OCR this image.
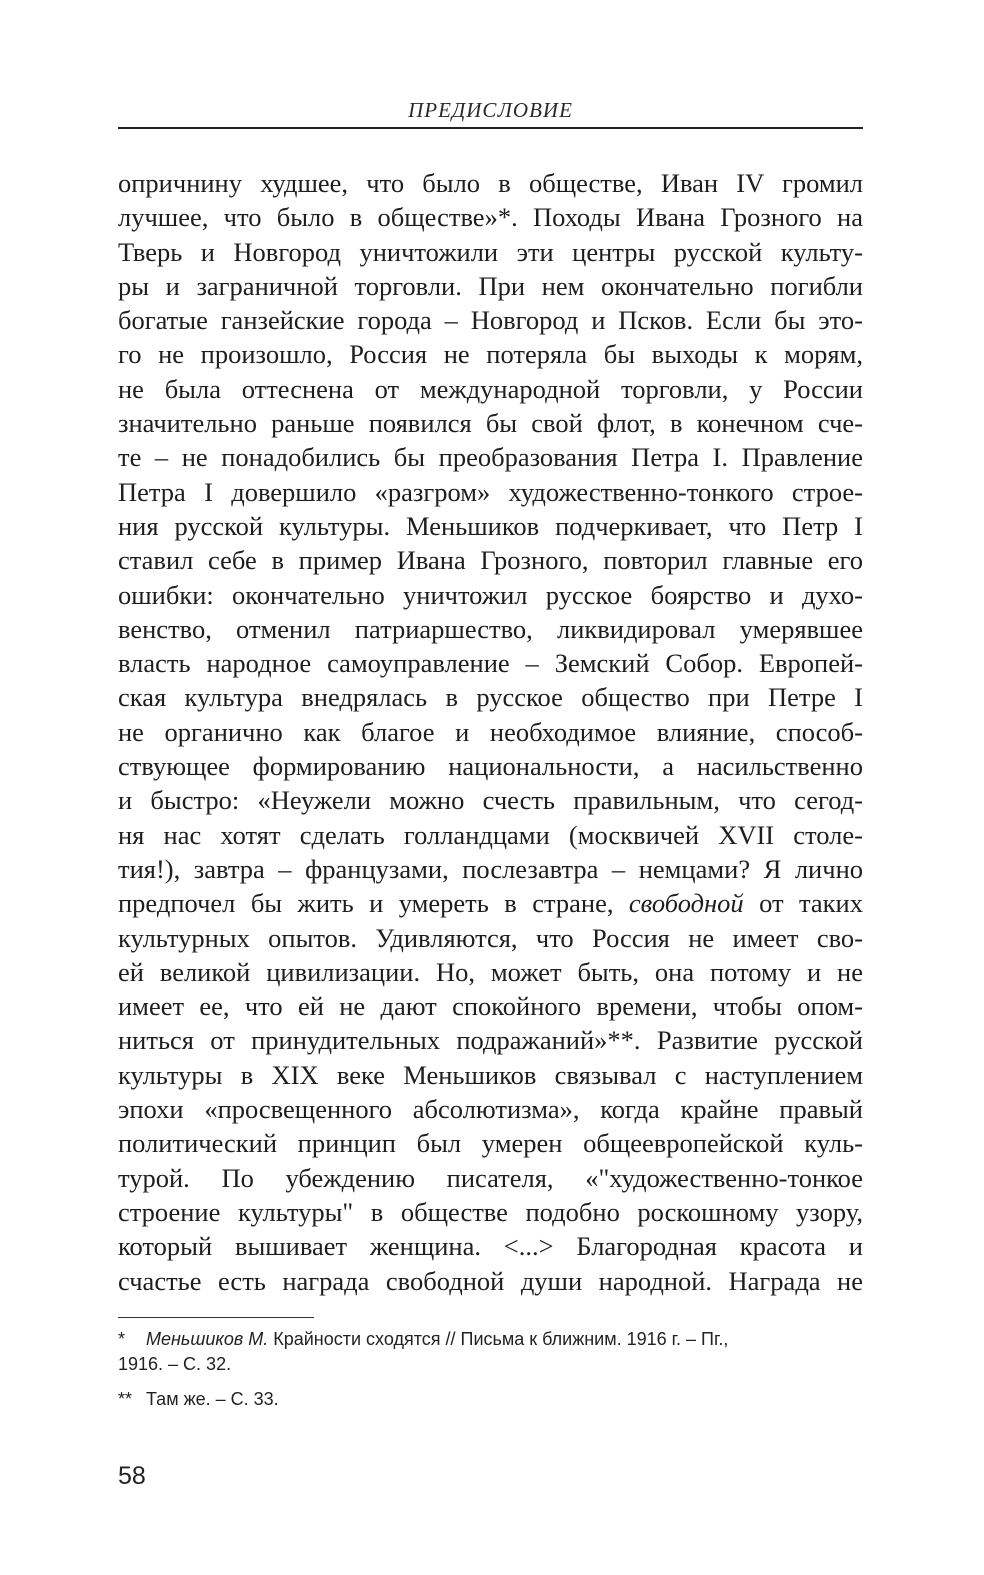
ПРЕДИСЛОВИЕ
опричнину худшее, что было в обществе, Иван IV громил
лучшее, что было в обществе»*. Походы Ивана Грозного на
Тверь и Новгород уничтожили эти центры русской культу-
ры и заграничной торговли. При нем окончательно погибли
богатые ганзейские города – Новгород и Псков. Если бы это-
го не произошло, Россия не потеряла бы выходы к морям,
не была оттеснена от международной торговли, у России
значительно раньше появился бы свой флот, в конечном сче-
те – не понадобились бы преобразования Петра I. Правление
Петра I довершило «разгром» художественно-тонкого строе-
ния русской культуры. Меньшиков подчеркивает, что Петр I
ставил себе в пример Ивана Грозного, повторил главные его
ошибки: окончательно уничтожил русское боярство и духо-
венство, отменил патриаршество, ликвидировал умерявшее
власть народное самоуправление – Земский Собор. Европей-
ская культура внедрялась в русское общество при Петре I
не органично как благое и необходимое влияние, способ-
ствующее формированию национальности, а насильственно
и быстро: «Неужели можно счесть правильным, что сегод-
ня нас хотят сделать голландцами (москвичей XVII столе-
тия!), завтра – французами, послезавтра – немцами? Я лично
предпочел бы жить и умереть в стране, свободной от таких
культурных опытов. Удивляются, что Россия не имеет сво-
ей великой цивилизации. Но, может быть, она потому и не
имеет ее, что ей не дают спокойного времени, чтобы опом-
ниться от принудительных подражаний»**. Развитие русской
культуры в XIX веке Меньшиков связывал с наступлением
эпохи «просвещенного абсолютизма», когда крайне правый
политический принцип был умерен общеевропейской куль-
турой. По убеждению писателя, «"художественно-тонкое
строение культуры" в обществе подобно роскошному узору,
который вышивает женщина. <...> Благородная красота и
счастье есть награда свободной души народной. Награда не
* Меньшиков М. Крайности сходятся // Письма к ближним. 1916 г. – Пг.,
1916. – С. 32.
** Там же. – С. 33.
58
